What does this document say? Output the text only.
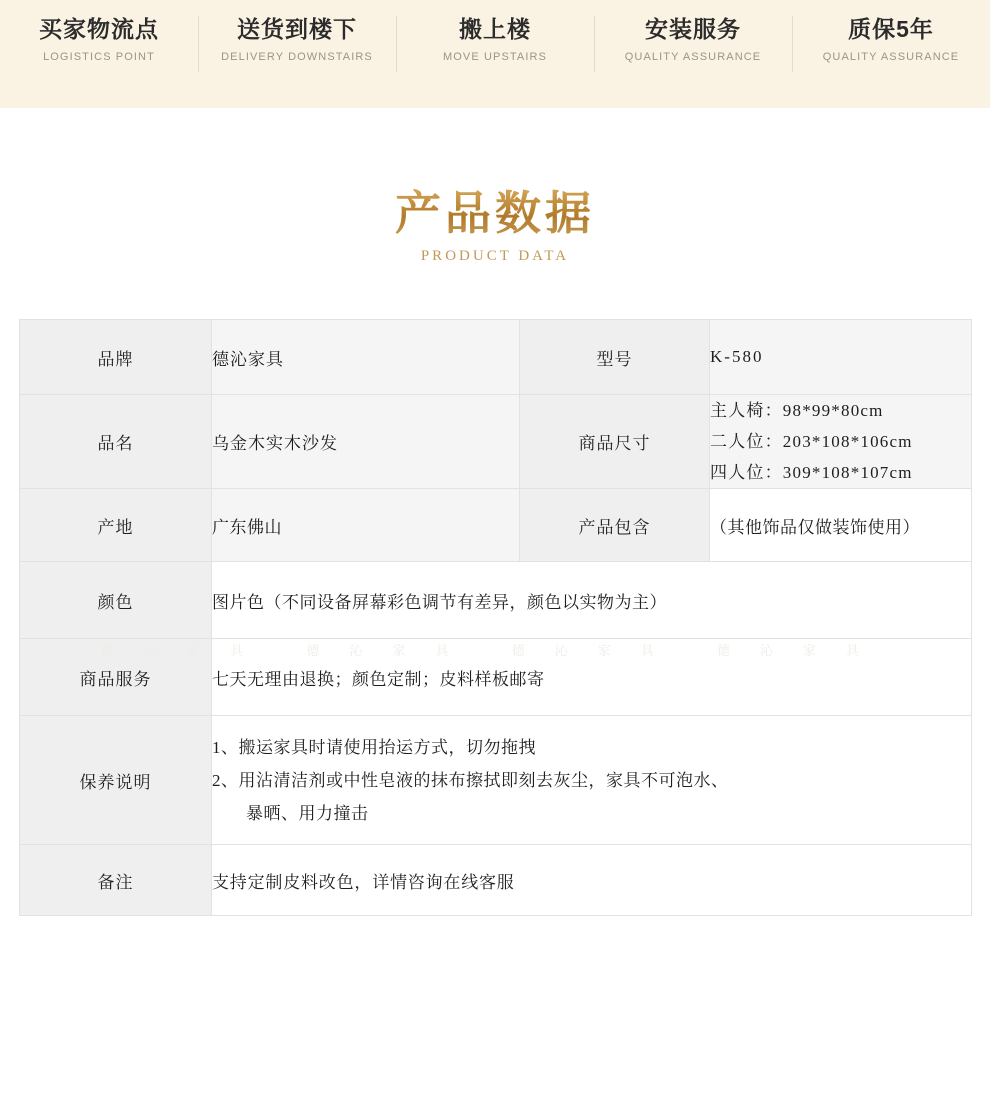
买家物流点
LOGISTICS POINT
送货到楼下
DELIVERY DOWNSTAIRS
搬上楼
MOVE UPSTAIRS
安装服务
QUALITY ASSURANCE
质保5年
QUALITY ASSURANCE
产品数据
PRODUCT DATA
德沁家具 德沁家具 德沁家具 德沁家具
品牌	德沁家具	型号	K-580
品名	乌金木实木沙发	商品尺寸	主人椅：98*99*80cm
二人位：203*108*106cm
四人位：309*108*107cm

产地	广东佛山	产品包含	（其他饰品仅做装饰使用）
颜色	图片色（不同设备屏幕彩色调节有差异，颜色以实物为主）		
商品服务	七天无理由退换；颜色定制；皮料样板邮寄		
保养说明	1、搬运家具时请使用抬运方式，切勿拖拽
2、用沾清洁剂或中性皂液的抹布擦拭即刻去灰尘，家具不可泡水、
暴晒、用力撞击		

备注	支持定制皮料改色，详情咨询在线客服		
